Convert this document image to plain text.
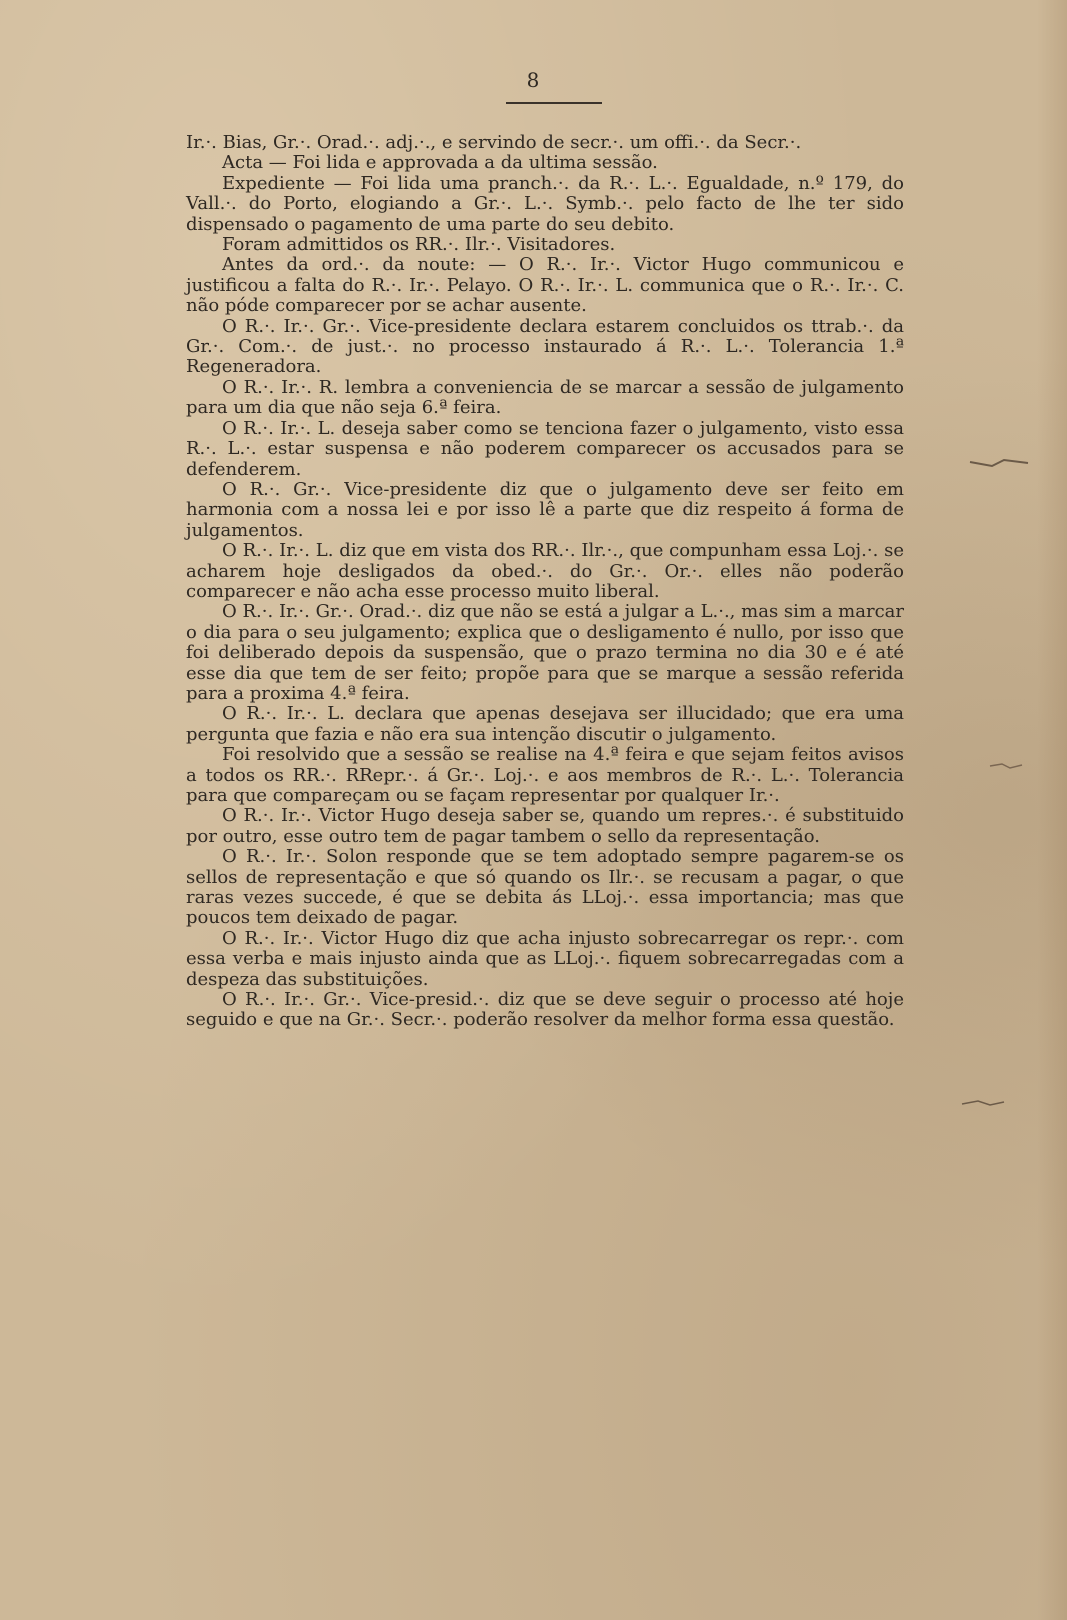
8

Ir.·. Bias, Gr.·. Orad.·. adj.·., e servindo de secr.·. um offi.·. da Secr.·.

Acta — Foi lida e approvada a da ultima sessão.

Expediente — Foi lida uma pranch.·. da R.·. L.·. Egualdade, n.º 179, do Vall.·. do Porto, elogiando a Gr.·. L.·. Symb.·. pelo facto de lhe ter sido dispensado o pagamento de uma parte do seu debito.

Foram admittidos os RR.·. Ilr.·. Visitadores.

Antes da ord.·. da noute: — O R.·. Ir.·. Victor Hugo communicou e justificou a falta do R.·. Ir.·. Pelayo. O R.·. Ir.·. L. communica que o R.·. Ir.·. C. não póde comparecer por se achar ausente.

O R.·. Ir.·. Gr.·. Vice-presidente declara estarem concluidos os ttrab.·. da Gr.·. Com.·. de just.·. no processo instaurado á R.·. L.·. Tolerancia 1.ª Regeneradora.

O R.·. Ir.·. R. lembra a conveniencia de se marcar a sessão de julgamento para um dia que não seja 6.ª feira.

O R.·. Ir.·. L. deseja saber como se tenciona fazer o julgamento, visto essa R.·. L.·. estar suspensa e não poderem comparecer os accusados para se defenderem.

O R.·. Gr.·. Vice-presidente diz que o julgamento deve ser feito em harmonia com a nossa lei e por isso lê a parte que diz respeito á forma de julgamentos.

O R.·. Ir.·. L. diz que em vista dos RR.·. Ilr.·., que compunham essa Loj.·. se acharem hoje desligados da obed.·. do Gr.·. Or.·. elles não poderão comparecer e não acha esse processo muito liberal.

O R.·. Ir.·. Gr.·. Orad.·. diz que não se está a julgar a L.·., mas sim a marcar o dia para o seu julgamento; explica que o desligamento é nullo, por isso que foi deliberado depois da suspensão, que o prazo termina no dia 30 e é até esse dia que tem de ser feito; propõe para que se marque a sessão referida para a proxima 4.ª feira.

O R.·. Ir.·. L. declara que apenas desejava ser illucidado; que era uma pergunta que fazia e não era sua intenção discutir o julgamento.

Foi resolvido que a sessão se realise na 4.ª feira e que sejam feitos avisos a todos os RR.·. RRepr.·. á Gr.·. Loj.·. e aos membros de R.·. L.·. Tolerancia para que compareçam ou se façam representar por qualquer Ir.·.

O R.·. Ir.·. Victor Hugo deseja saber se, quando um repres.·. é substituido por outro, esse outro tem de pagar tambem o sello da representação.

O R.·. Ir.·. Solon responde que se tem adoptado sempre pagarem-se os sellos de representação e que só quando os Ilr.·. se recusam a pagar, o que raras vezes succede, é que se debita ás LLoj.·. essa importancia; mas que poucos tem deixado de pagar.

O R.·. Ir.·. Victor Hugo diz que acha injusto sobrecarregar os repr.·. com essa verba e mais injusto ainda que as LLoj.·. fiquem sobrecarregadas com a despeza das substituições.

O R.·. Ir.·. Gr.·. Vice-presid.·. diz que se deve seguir o processo até hoje seguido e que na Gr.·. Secr.·. poderão resolver da melhor forma essa questão.
